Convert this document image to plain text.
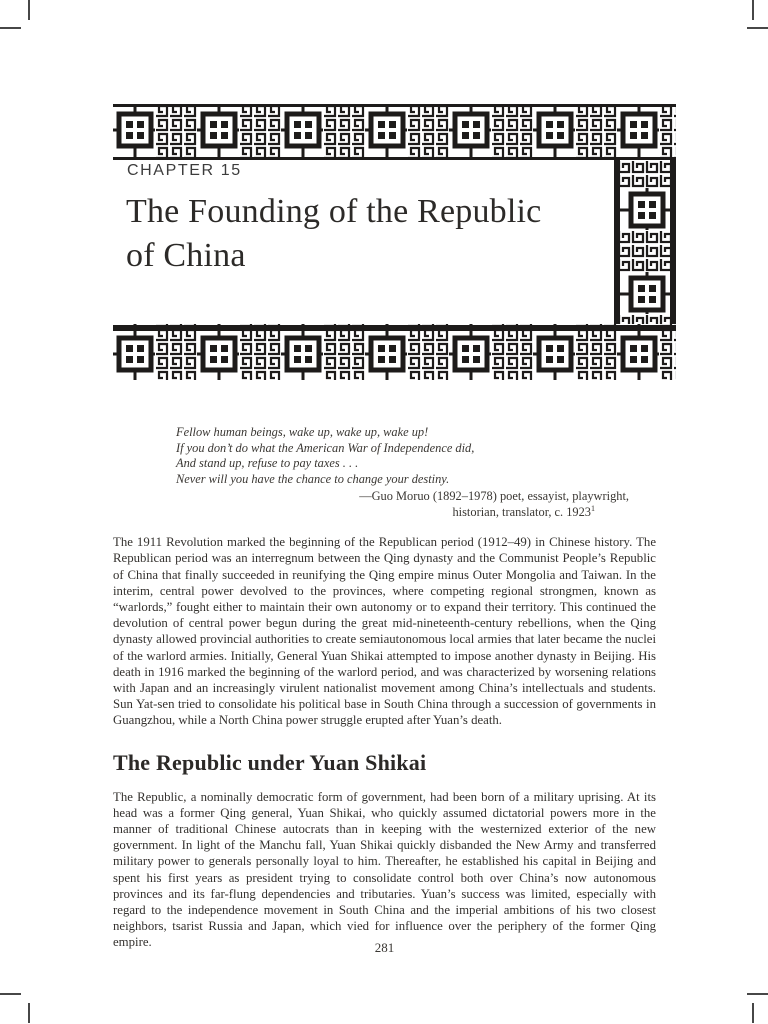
CHAPTER 15
The Founding of the Republic
of China
Fellow human beings, wake up, wake up, wake up!
If you don’t do what the American War of Independence did,
And stand up, refuse to pay taxes . . .
Never will you have the chance to change your destiny.
—Guo Moruo (1892–1978) poet, essayist, playwright,
historian, translator, c. 1923$^1$

The 1911 Revolution marked the beginning of the Republican period (1912–49) in Chinese history. The Republican period was an interregnum between the Qing dynasty and the Communist People’s Republic of China that finally succeeded in reunifying the Qing empire minus Outer Mongolia and Taiwan. In the interim, central power devolved to the provinces, where competing regional strongmen, known as “warlords,” fought either to maintain their own autonomy or to expand their territory. This continued the devolution of central power begun during the great mid-nineteenth-century rebellions, when the Qing dynasty allowed provincial authorities to create semiautonomous local armies that later became the nuclei of the warlord armies. Initially, General Yuan Shikai attempted to impose another dynasty in Beijing. His death in 1916 marked the beginning of the warlord period, and was characterized by worsening relations with Japan and an increasingly virulent nationalist movement among China’s intellectuals and students. Sun Yat-sen tried to consolidate his political base in South China through a succession of governments in Guangzhou, while a North China power struggle erupted after Yuan’s death.

The Republic under Yuan Shikai

The Republic, a nominally democratic form of government, had been born of a military uprising. At its head was a former Qing general, Yuan Shikai, who quickly assumed dictatorial powers more in the manner of traditional Chinese autocrats than in keeping with the westernized exterior of the new government. In light of the Manchu fall, Yuan Shikai quickly disbanded the New Army and transferred military power to generals personally loyal to him. Thereafter, he established his capital in Beijing and spent his first years as president trying to consolidate control both over China’s now autonomous provinces and its far-flung dependencies and tributaries. Yuan’s success was limited, especially with regard to the independence movement in South China and the imperial ambitions of his two closest neighbors, tsarist Russia and Japan, which vied for influence over the periphery of the former Qing empire.	281
